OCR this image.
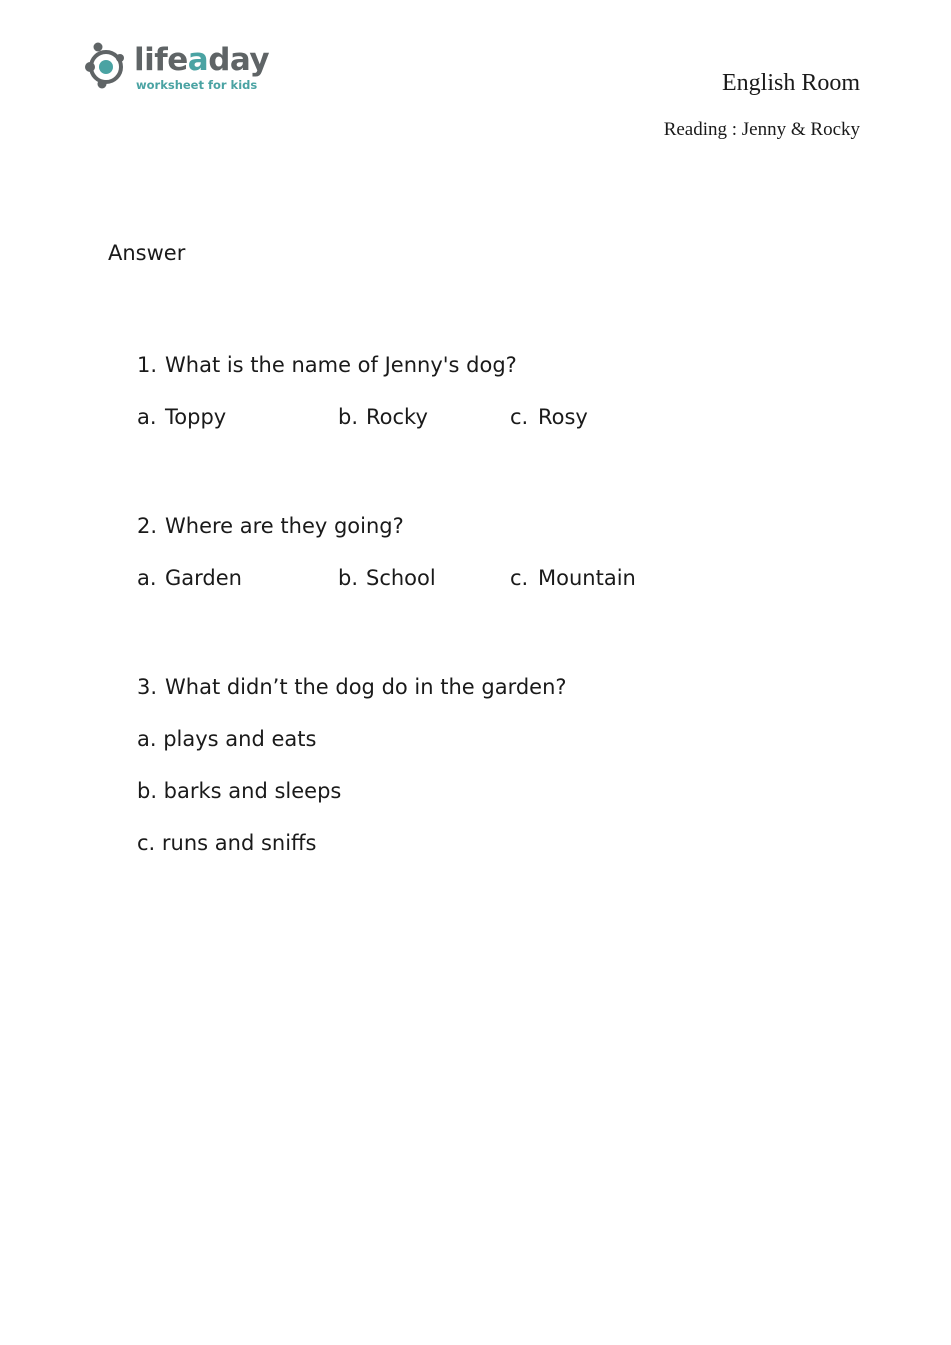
lifeaday
worksheet for kids	English Room
Reading : Jenny & Rocky
Answer
1. What is the name of Jenny's dog?
a. Toppy	b. Rocky	c. Rosy
2. Where are they going?
a. Garden	b. School	c. Mountain
3. What didn’t the dog do in the garden?
a. plays and eats
b. barks and sleeps
c. runs and sniffs
